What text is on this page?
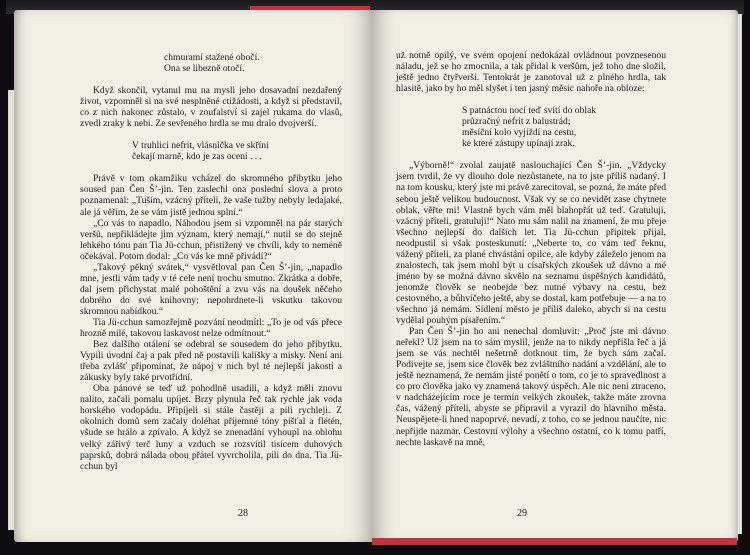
chmuramí stažené obočí.
Ona se libezně otočí.

Když skončil, vytanul mu na mysli jeho dosavadní nezdařený život, vzpomněl si na své nesplněné ctižádosti, a když si představil, co z nich nakonec zůstalo, v zoufalství si zajel rukama do vlasů, zvedl zraky k nebi. Ze sevřeného hrdla se mu dralo dvojverší.

V truhlici nefrit, vlásnička ve skříni
čekají marně, kdo je zas ocení . . .

Právě v tom okamžiku vcházel do skromného příbytku jeho soused pan Čen Š’-jin. Ten zaslechl ona poslední slova a proto poznamenal: „Tuším, vzácný příteli, že vaše tužby nebyly ledajaké, ale já věřím, že se vám jistě jednou splní.“

„Co vás to napadlo. Náhodou jsem si vzpomněl na pár starých veršů, nepřikládejte jim význam, který nemají,“ nutil se do stejně lehkého tónu pan Tia Jü-cchun, přistižený ve chvíli, kdy to neméně očekával. Potom dodal: „Co vás ke mně přivádí?“

„Takový pěkný svátek,“ vysvětloval pan Čen Š’-jin, „napadlo mne, jestli vám tady v té cele není trochu smutno. Zkrátka a dobře, dal jsem přichystat malé pohoštění a zvu vás na doušek něčeho dobrého do své knihovny; nepohrdnete-li vskutku takovou skromnou nabídkou.“

Tia Jü-cchun samozřejmě pozvání neodmítl: „To je od vás přece hrozně milé, takovou laskavost nelze odmítnout.“

Bez dalšího otálení se odebral se sousedem do jeho příbytku. Vypili úvodní čaj a pak před ně postavili kalíšky a misky. Není ani třeba zvlášť připomínat, že nápoj v nich byl té nejlepší jakosti a zákusky byly také prvotřídní.

Oba pánové se teď už pohodlně usadili, a když měli znovu nalito, začali pomalu upíjet. Brzy plynula řeč tak rychle jak voda horského vodopádu. Připíjeli si stále častěji a pili rychleji. Z okolních domů sem začaly doléhat příjemné tóny píšťal a flétén, všude se hrálo a zpívalo. A když se znenadání vyhoupl na oblohu velký zářivý terč luny a vzduch se rozsvítil tisícem duhových paprsků, dobrá nálada obou přátel vyvrcholila, pili do dna. Tia Jü-cchun byl

28

už notně opilý, ve svém opojení nedokázal ovládnout povznesenou náladu, jež se ho zmocnila, a tak přidal k veršům, jež toho dne složil, ještě jedno čtyřverší. Tentokrát je zanotoval už z plného hrdla, tak hlasitě, jako by ho měl slyšet i ten jasný měsíc nahoře na obloze:

S patnáctou nocí teď svítí do oblak
průzračný nefrit z balustrád;
měsíční kolo vyjíždí na cestu,
ke které zástupy upínají zrak.

„Výborně!“ zvolal zaujatě naslouchající Čen Š’-jin. „Vždycky jsem tvrdil, že vy dlouho dole nezůstanete, na to jste příliš nadaný. I na tom kousku, který jste mi právě zarecitoval, se pozná, že máte před sebou ještě velikou budoucnost. Však vy se co nevidět zase chytnete oblak, věřte mi! Vlastně bych vám měl blahopřát už teď. Gratuluji, vzácný příteli, gratuluji!“ Nato mu sám nalil na znamení, že mu přeje všechno nejlepší do dalších let. Tia Jü-cchun připitek přijal, neodpustil si však posteskunutí: „Neberte to, co vám teď řeknu, vážený příteli, za plané chvástání opilce, ale kdyby záleželo jenom na znalostech, tak jsem mohl být u císařských zkoušek už dávno a mé jméno by se možná dávno skvělo na seznamu úspěšných kandidátů, jenomže člověk se neobejde bez nutné výbavy na cestu, bez cestovného, a bůhvíčeho ještě, aby se dostal, kam potřebuje — a na to všechno já nemám. Sídlení město je příliš daleko, abych si na cestu vydělal pouhým písařením.“

Pan Čen Š’-jin ho ani nenechal domluvit: „Proč jste mi dávno neřekl? Už jsem na to sám myslil, jenže na to nikdy nepřišla řeč a já jsem se vás nechtěl nešetrně dotknout tím, že bych sám začal. Podívejte se, jsem sice člověk bez zvláštního nadání a vzdělání, ale to ještě neznamená, že nemám jisté ponětí o tom, co je to spravedlnost a co pro člověka jako vy znamená takový úspěch. Ale nic není ztraceno, v nadcházejícím roce je termín velkých zkoušek, takže máte zrovna čas, vážený příteli, abyste se připravil a vyrazil do hlavního města. Neuspějete-li hned napoprvé, nevadí, z toho, co se jednou naučíte, nic nepřijde nazmar. Cestovní výlohy a všechno ostatní, co k tomu patří, nechte laskavě na mně,

29
